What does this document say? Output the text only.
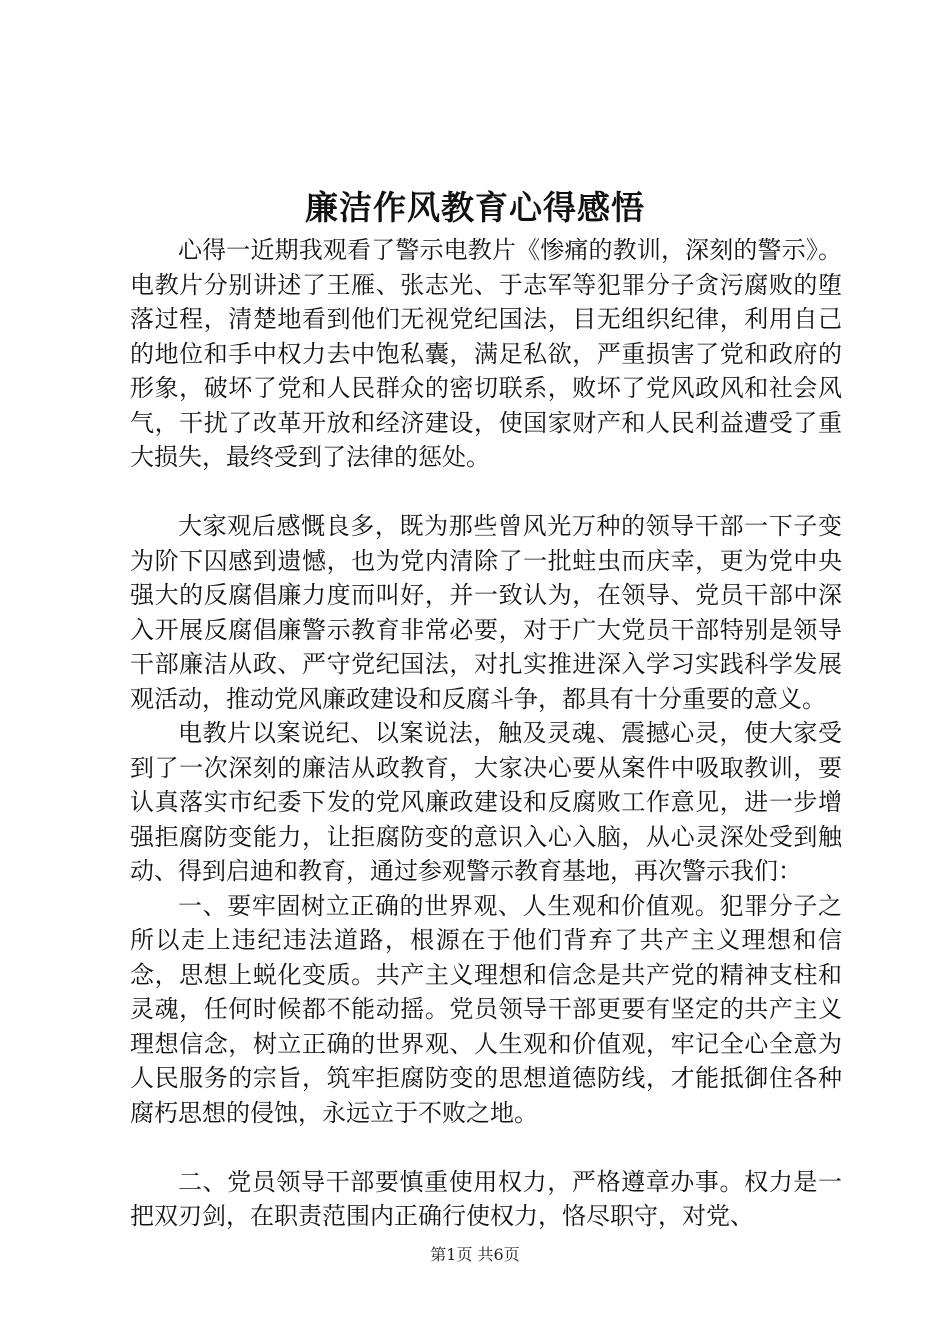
廉洁作风教育心得感悟

心得一近期我观看了警示电教片《惨痛的教训，深刻的警示》。电教片分别讲述了王雁、张志光、于志军等犯罪分子贪污腐败的堕落过程，清楚地看到他们无视党纪国法，目无组织纪律，利用自己的地位和手中权力去中饱私囊，满足私欲，严重损害了党和政府的形象，破坏了党和人民群众的密切联系，败坏了党风政风和社会风气，干扰了改革开放和经济建设，使国家财产和人民利益遭受了重大损失，最终受到了法律的惩处。

大家观后感慨良多，既为那些曾风光万种的领导干部一下子变为阶下囚感到遗憾，也为党内清除了一批蛀虫而庆幸，更为党中央强大的反腐倡廉力度而叫好，并一致认为，在领导、党员干部中深入开展反腐倡廉警示教育非常必要，对于广大党员干部特别是领导干部廉洁从政、严守党纪国法，对扎实推进深入学习实践科学发展观活动，推动党风廉政建设和反腐斗争，都具有十分重要的意义。

电教片以案说纪、以案说法，触及灵魂、震撼心灵，使大家受到了一次深刻的廉洁从政教育，大家决心要从案件中吸取教训，要认真落实市纪委下发的党风廉政建设和反腐败工作意见，进一步增强拒腐防变能力，让拒腐防变的意识入心入脑，从心灵深处受到触动、得到启迪和教育，通过参观警示教育基地，再次警示我们：

一、要牢固树立正确的世界观、人生观和价值观。犯罪分子之所以走上违纪违法道路，根源在于他们背弃了共产主义理想和信念，思想上蜕化变质。共产主义理想和信念是共产党的精神支柱和灵魂，任何时候都不能动摇。党员领导干部更要有坚定的共产主义理想信念，树立正确的世界观、人生观和价值观，牢记全心全意为人民服务的宗旨，筑牢拒腐防变的思想道德防线，才能抵御住各种腐朽思想的侵蚀，永远立于不败之地。

二、党员领导干部要慎重使用权力，严格遵章办事。权力是一把双刃剑，在职责范围内正确行使权力，恪尽职守，对党、

第1页 共6页
